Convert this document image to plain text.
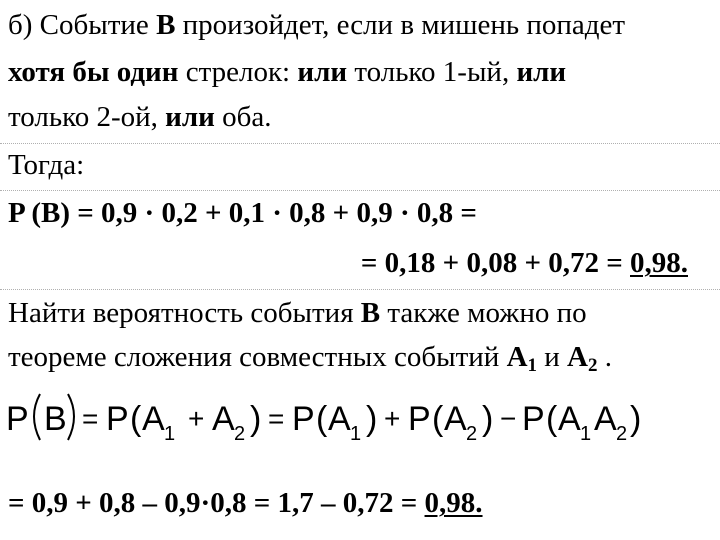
б) Событие В произойдет, если в мишень попадет
хотя бы один стрелок: или только 1-ый, или
только 2-ой, или оба.
Тогда:
P (B) = 0,9 · 0,2 + 0,1 · 0,8 + 0,9 · 0,8 =
= 0,18 + 0,08 + 0,72 = 0,98.
Найти вероятность события В также можно по
теореме сложения совместных событий $A_1$ и $A_2$ .
P B = P ( A 1 + A 2 ) = P ( A 1 ) + P ( A 2 ) − P ( A 1 A 2 )
= 0,9 + 0,8 – 0,9·0,8 = 1,7 – 0,72 = 0,98.
